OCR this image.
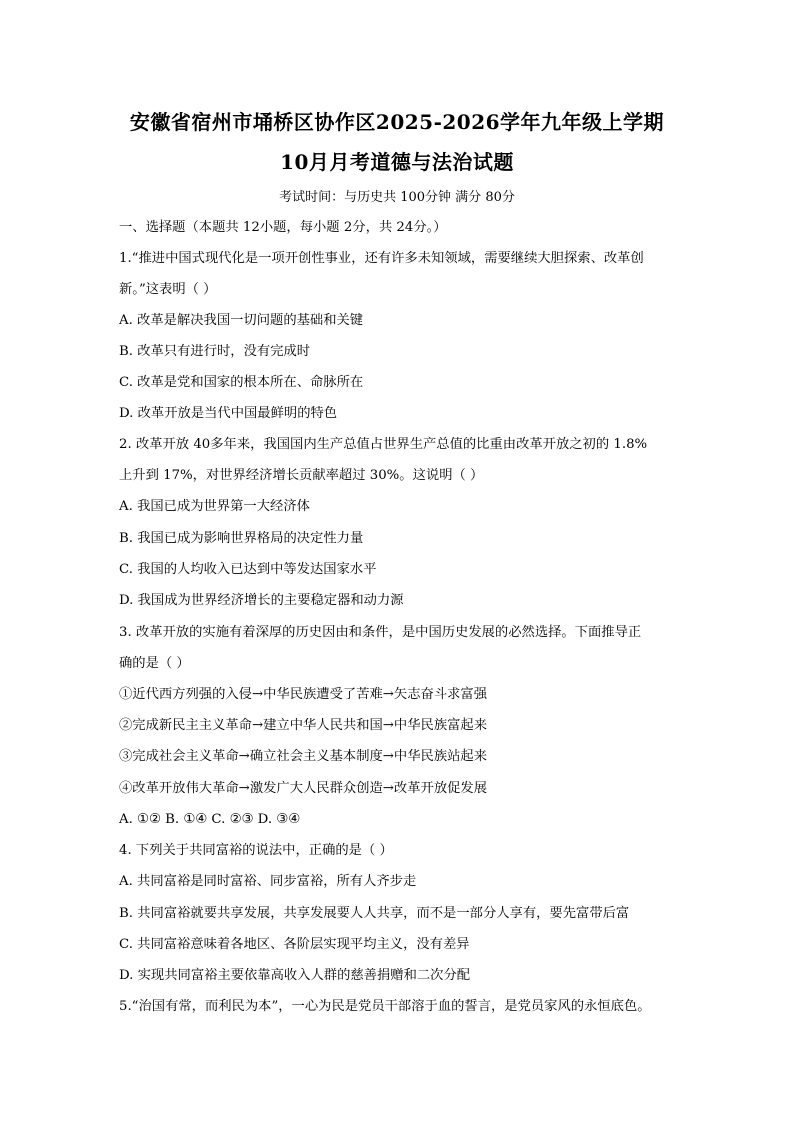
安徽省宿州市埇桥区协作区2025-2026学年九年级上学期
10月月考道德与法治试题
考试时间：与历史共 100分钟 满分 80分
一、选择题（本题共 12小题，每小题 2分，共 24分。）
1.“推进中国式现代化是一项开创性事业，还有许多未知领域，需要继续大胆探索、改革创
新。”这表明（ ）
A. 改革是解决我国一切问题的基础和关键
B. 改革只有进行时，没有完成时
C. 改革是党和国家的根本所在、命脉所在
D. 改革开放是当代中国最鲜明的特色
2. 改革开放 40多年来，我国国内生产总值占世界生产总值的比重由改革开放之初的 1.8%
上升到 17%，对世界经济增长贡献率超过 30%。这说明（ ）
A. 我国已成为世界第一大经济体
B. 我国已成为影响世界格局的决定性力量
C. 我国的人均收入已达到中等发达国家水平
D. 我国成为世界经济增长的主要稳定器和动力源
3. 改革开放的实施有着深厚的历史因由和条件，是中国历史发展的必然选择。下面推导正
确的是（ ）
①近代西方列强的入侵→中华民族遭受了苦难→矢志奋斗求富强
②完成新民主主义革命→建立中华人民共和国→中华民族富起来
③完成社会主义革命→确立社会主义基本制度→中华民族站起来
④改革开放伟大革命→激发广大人民群众创造→改革开放促发展
A. ①② B. ①④ C. ②③ D. ③④
4. 下列关于共同富裕的说法中，正确的是（ ）
A. 共同富裕是同时富裕、同步富裕，所有人齐步走
B. 共同富裕就要共享发展，共享发展要人人共享，而不是一部分人享有，要先富带后富
C. 共同富裕意味着各地区、各阶层实现平均主义，没有差异
D. 实现共同富裕主要依靠高收入人群的慈善捐赠和二次分配
5.“治国有常，而利民为本”，一心为民是党员干部溶于血的誓言，是党员家风的永恒底色。
